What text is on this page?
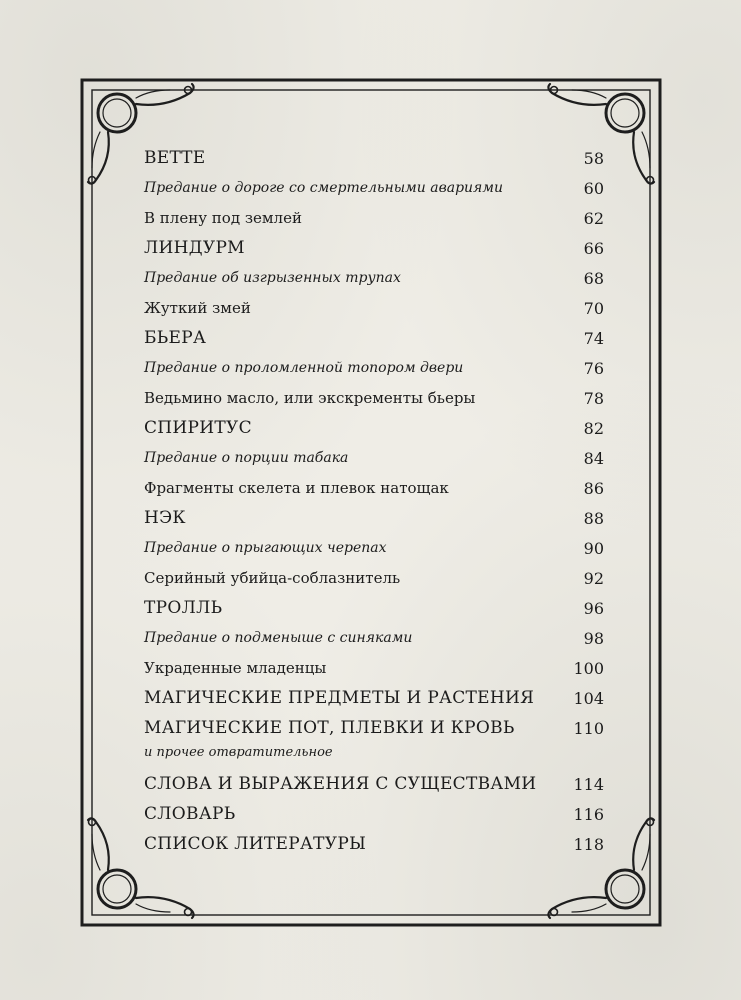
ВЕТТЕ	58
Предание о дороге со смертельными авариями	60
В плену под землей	62
ЛИНДУРМ	66
Предание об изгрызенных трупах	68
Жуткий змей	70
БЬЕРА	74
Предание о проломленной топором двери	76
Ведьмино масло, или экскременты бьеры	78
СПИРИТУС	82
Предание о порции табака	84
Фрагменты скелета и плевок натощак	86
НЭК	88
Предание о прыгающих черепах	90
Серийный убийца-соблазнитель	92
ТРОЛЛЬ	96
Предание о подменыше с синяками	98
Украденные младенцы	100
МАГИЧЕСКИЕ ПРЕДМЕТЫ И РАСТЕНИЯ 104
МАГИЧЕСКИЕ ПОТ, ПЛЕВКИ И КРОВЬ	110
и прочее отвратительное
СЛОВА И ВЫРАЖЕНИЯ С СУЩЕСТВАМИ 114
СЛОВАРЬ	116
СПИСОК ЛИТЕРАТУРЫ	118
